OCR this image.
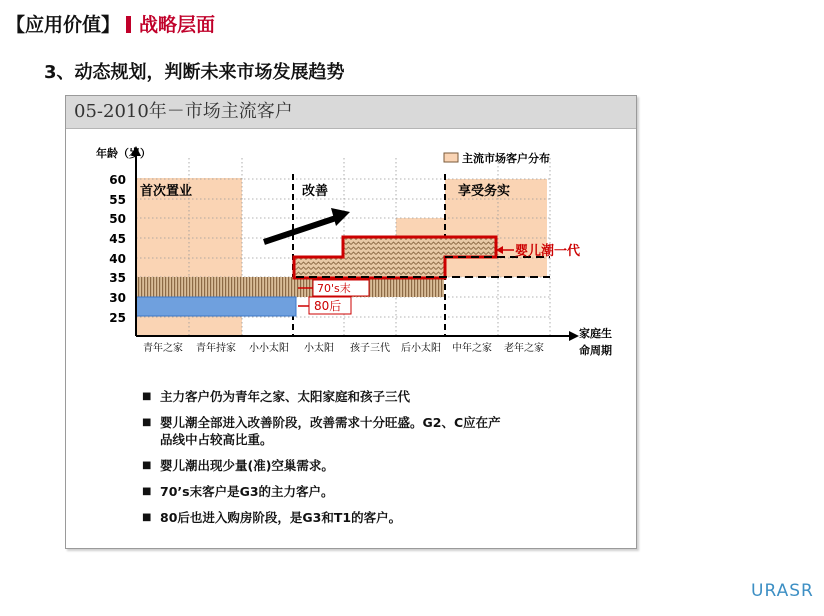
【应用价值】 战略层面
3、动态规划，判断未来市场发展趋势
05-2010年－市场主流客户
年龄（岁）
60
55
50
45
40
35
30
25
青年之家 青年持家 小小太阳 小太阳 孩子三代 后小太阳 中年之家 老年之家
家庭生
命周期
主流市场客户分布
首次置业	改善	享受务实
婴儿潮一代
70's末
80后
■ 主力客户仍为青年之家、太阳家庭和孩子三代
■ 婴儿潮全部进入改善阶段，改善需求十分旺盛。G2、C应在产
品线中占较高比重。
■ 婴儿潮出现少量(准)空巢需求。
■ 70’s末客户是G3的主力客户。
■ 80后也进入购房阶段，是G3和T1的客户。
URASR
